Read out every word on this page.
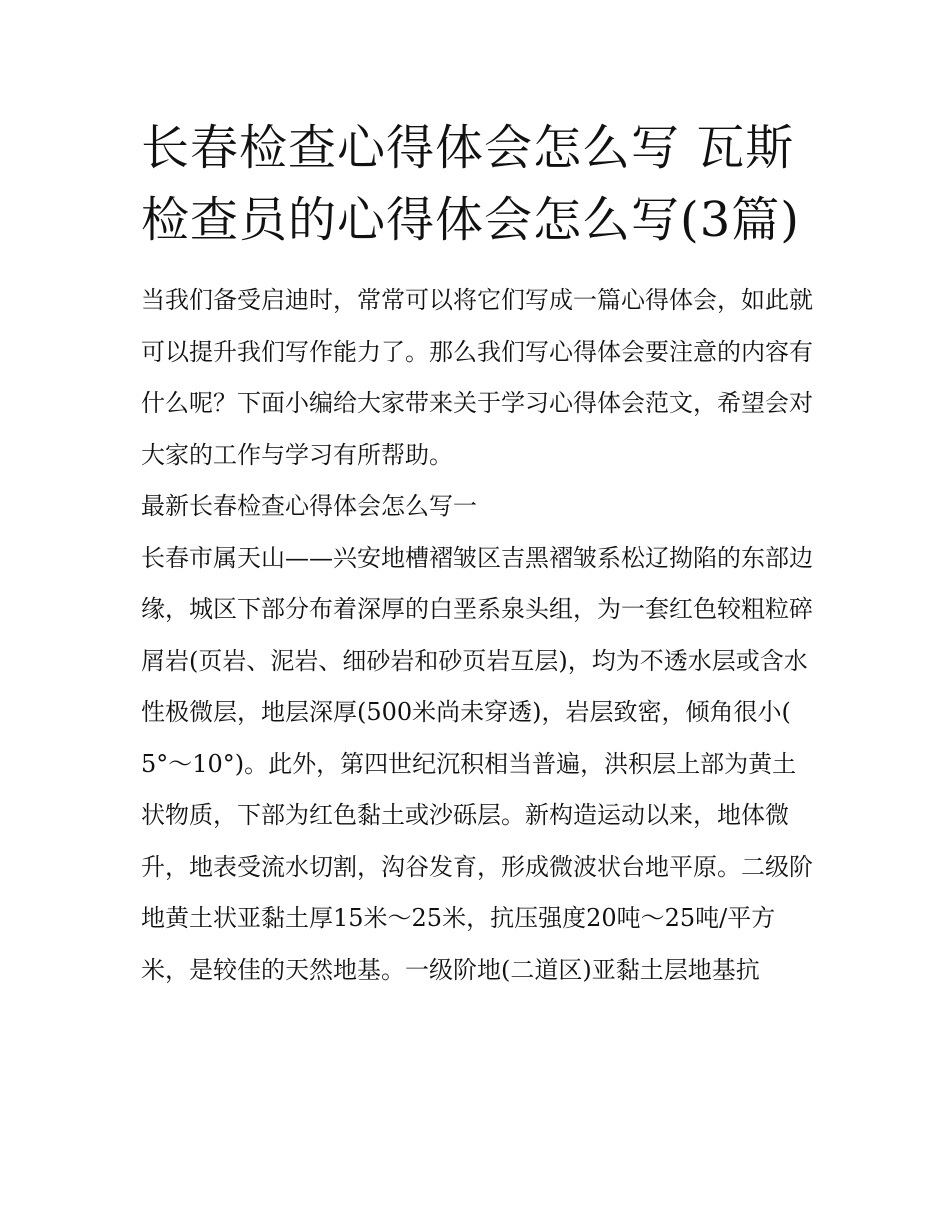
长春检查心得体会怎么写 瓦斯检查员的心得体会怎么写(3篇)

当我们备受启迪时，常常可以将它们写成一篇心得体会，如此就可以提升我们写作能力了。那么我们写心得体会要注意的内容有什么呢？下面小编给大家带来关于学习心得体会范文，希望会对大家的工作与学习有所帮助。

最新长春检查心得体会怎么写一

长春市属天山——兴安地槽褶皱区吉黑褶皱系松辽拗陷的东部边缘，城区下部分布着深厚的白垩系泉头组，为一套红色较粗粒碎屑岩(页岩、泥岩、细砂岩和砂页岩互层)，均为不透水层或含水性极微层，地层深厚(500米尚未穿透)，岩层致密，倾角很小(

5°～10°)。此外，第四世纪沉积相当普遍，洪积层上部为黄土状物质，下部为红色黏土或沙砾层。新构造运动以来，地体微升，地表受流水切割，沟谷发育，形成微波状台地平原。二级阶地黄土状亚黏土厚15米～25米，抗压强度20吨～25吨/平方米，是较佳的天然地基。一级阶地(二道区)亚黏土层地基抗
